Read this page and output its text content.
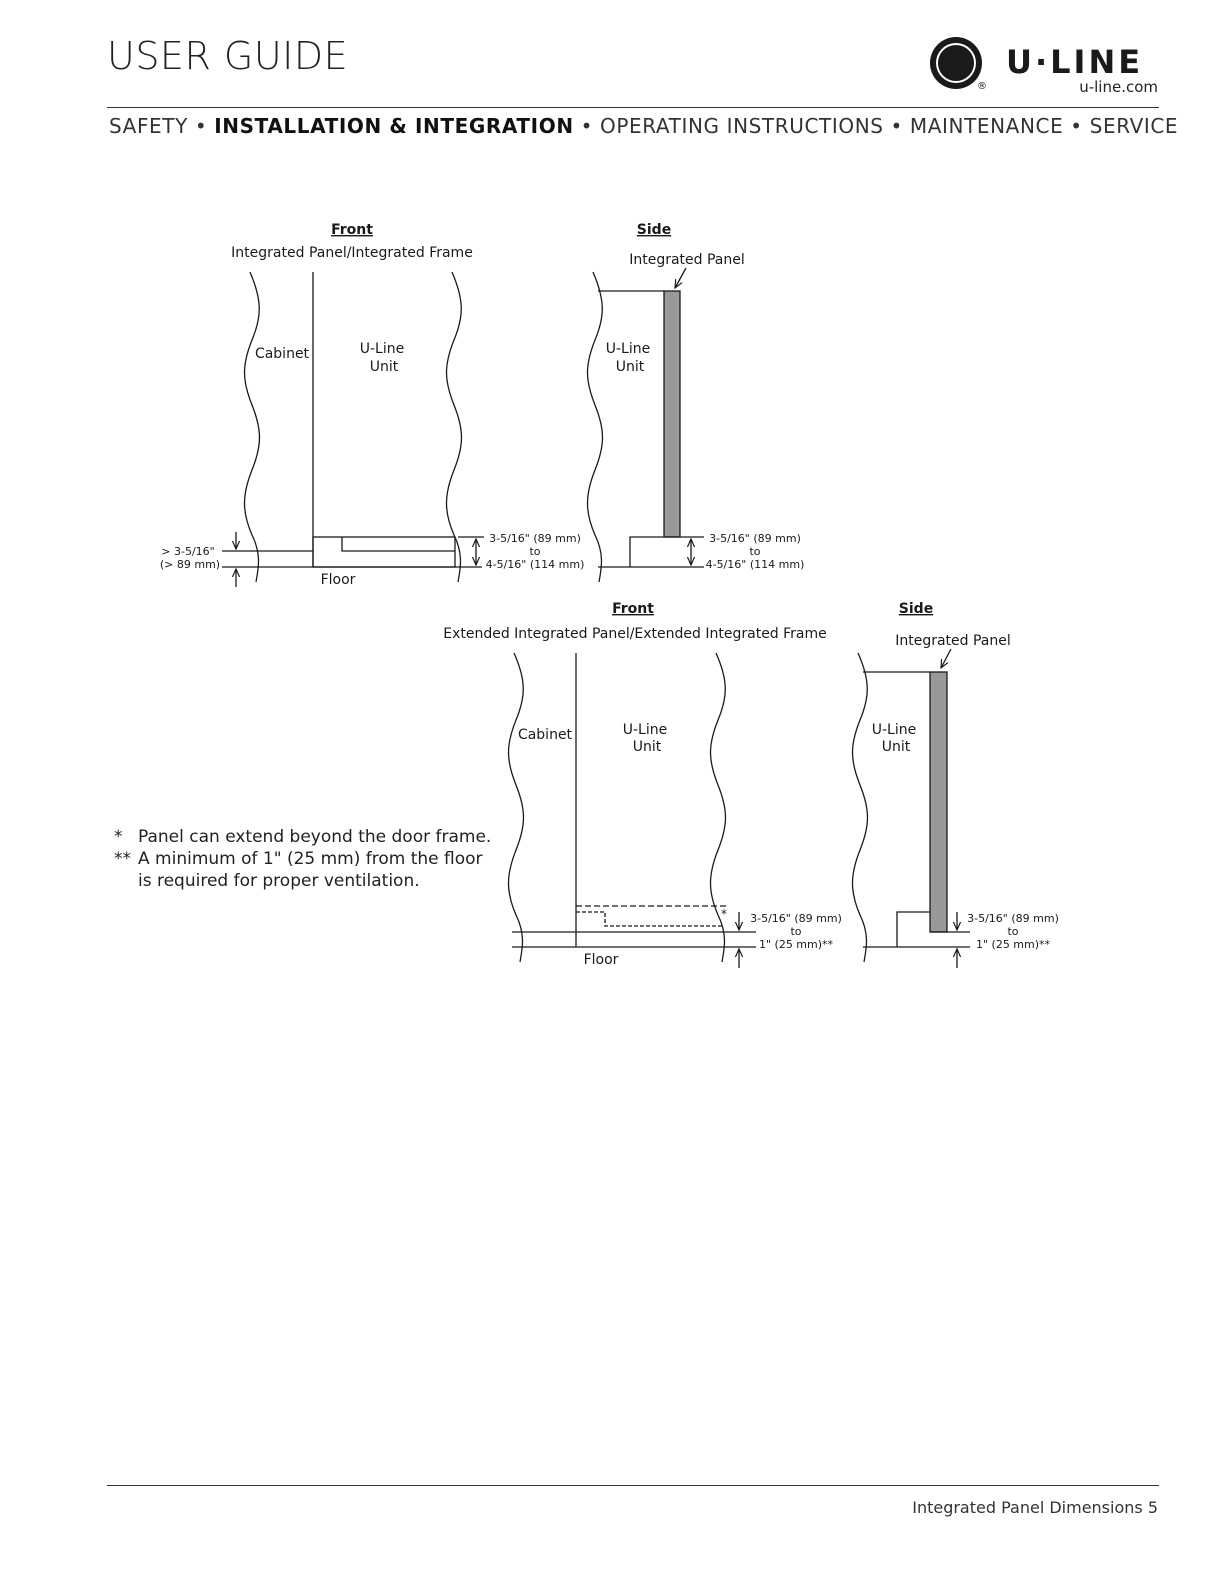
USER GUIDE	U
®
U·LINE
u-line.com
SAFETY • INSTALLATION & INTEGRATION • OPERATING INSTRUCTIONS • MAINTENANCE • SERVICE
Front
Integrated Panel/Integrated Frame
Cabinet	U-Line
Unit
Floor
> 3-5/16"
(> 89 mm)
3-5/16" (89 mm)
to
4-5/16" (114 mm)
Side
Integrated Panel
U-Line
Unit
3-5/16" (89 mm)
to
4-5/16" (114 mm)
Front
Extended Integrated Panel/Extended Integrated Frame
*
Cabinet	U-Line
Unit
Floor
3-5/16" (89 mm)
to
1" (25 mm)**
Side
Integrated Panel
U-Line
Unit
3-5/16" (89 mm)
to
1" (25 mm)**
* Panel can extend beyond the door frame.
** A minimum of 1" (25 mm) from the floor
is required for proper ventilation.
Integrated Panel Dimensions 5
